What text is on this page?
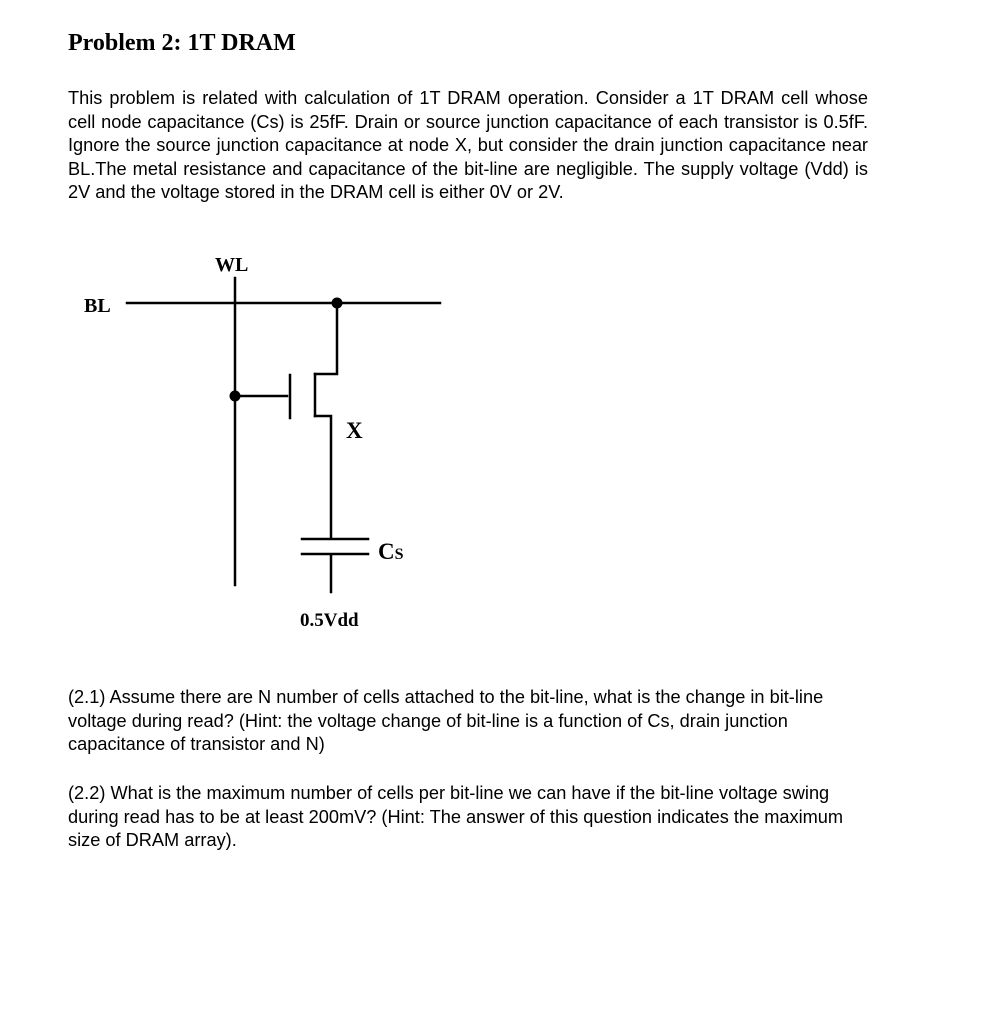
Problem 2: 1T DRAM

This problem is related with calculation of 1T DRAM operation. Consider a 1T DRAM cell whose cell node capacitance (Cs) is 25fF. Drain or source junction capacitance of each transistor is 0.5fF. Ignore the source junction capacitance at node X, but consider the drain junction capacitance near BL.The metal resistance and capacitance of the bit-line are negligible. The supply voltage (Vdd) is 2V and the voltage stored in the DRAM cell is either 0V or 2V.

WL
BL
X
CS
0.5Vdd

(2.1) Assume there are N number of cells attached to the bit-line, what is the change in bit-line voltage during read? (Hint: the voltage change of bit-line is a function of Cs, drain junction capacitance of transistor and N)

(2.2) What is the maximum number of cells per bit-line we can have if the bit-line voltage swing during read has to be at least 200mV? (Hint: The answer of this question indicates the maximum size of DRAM array).
